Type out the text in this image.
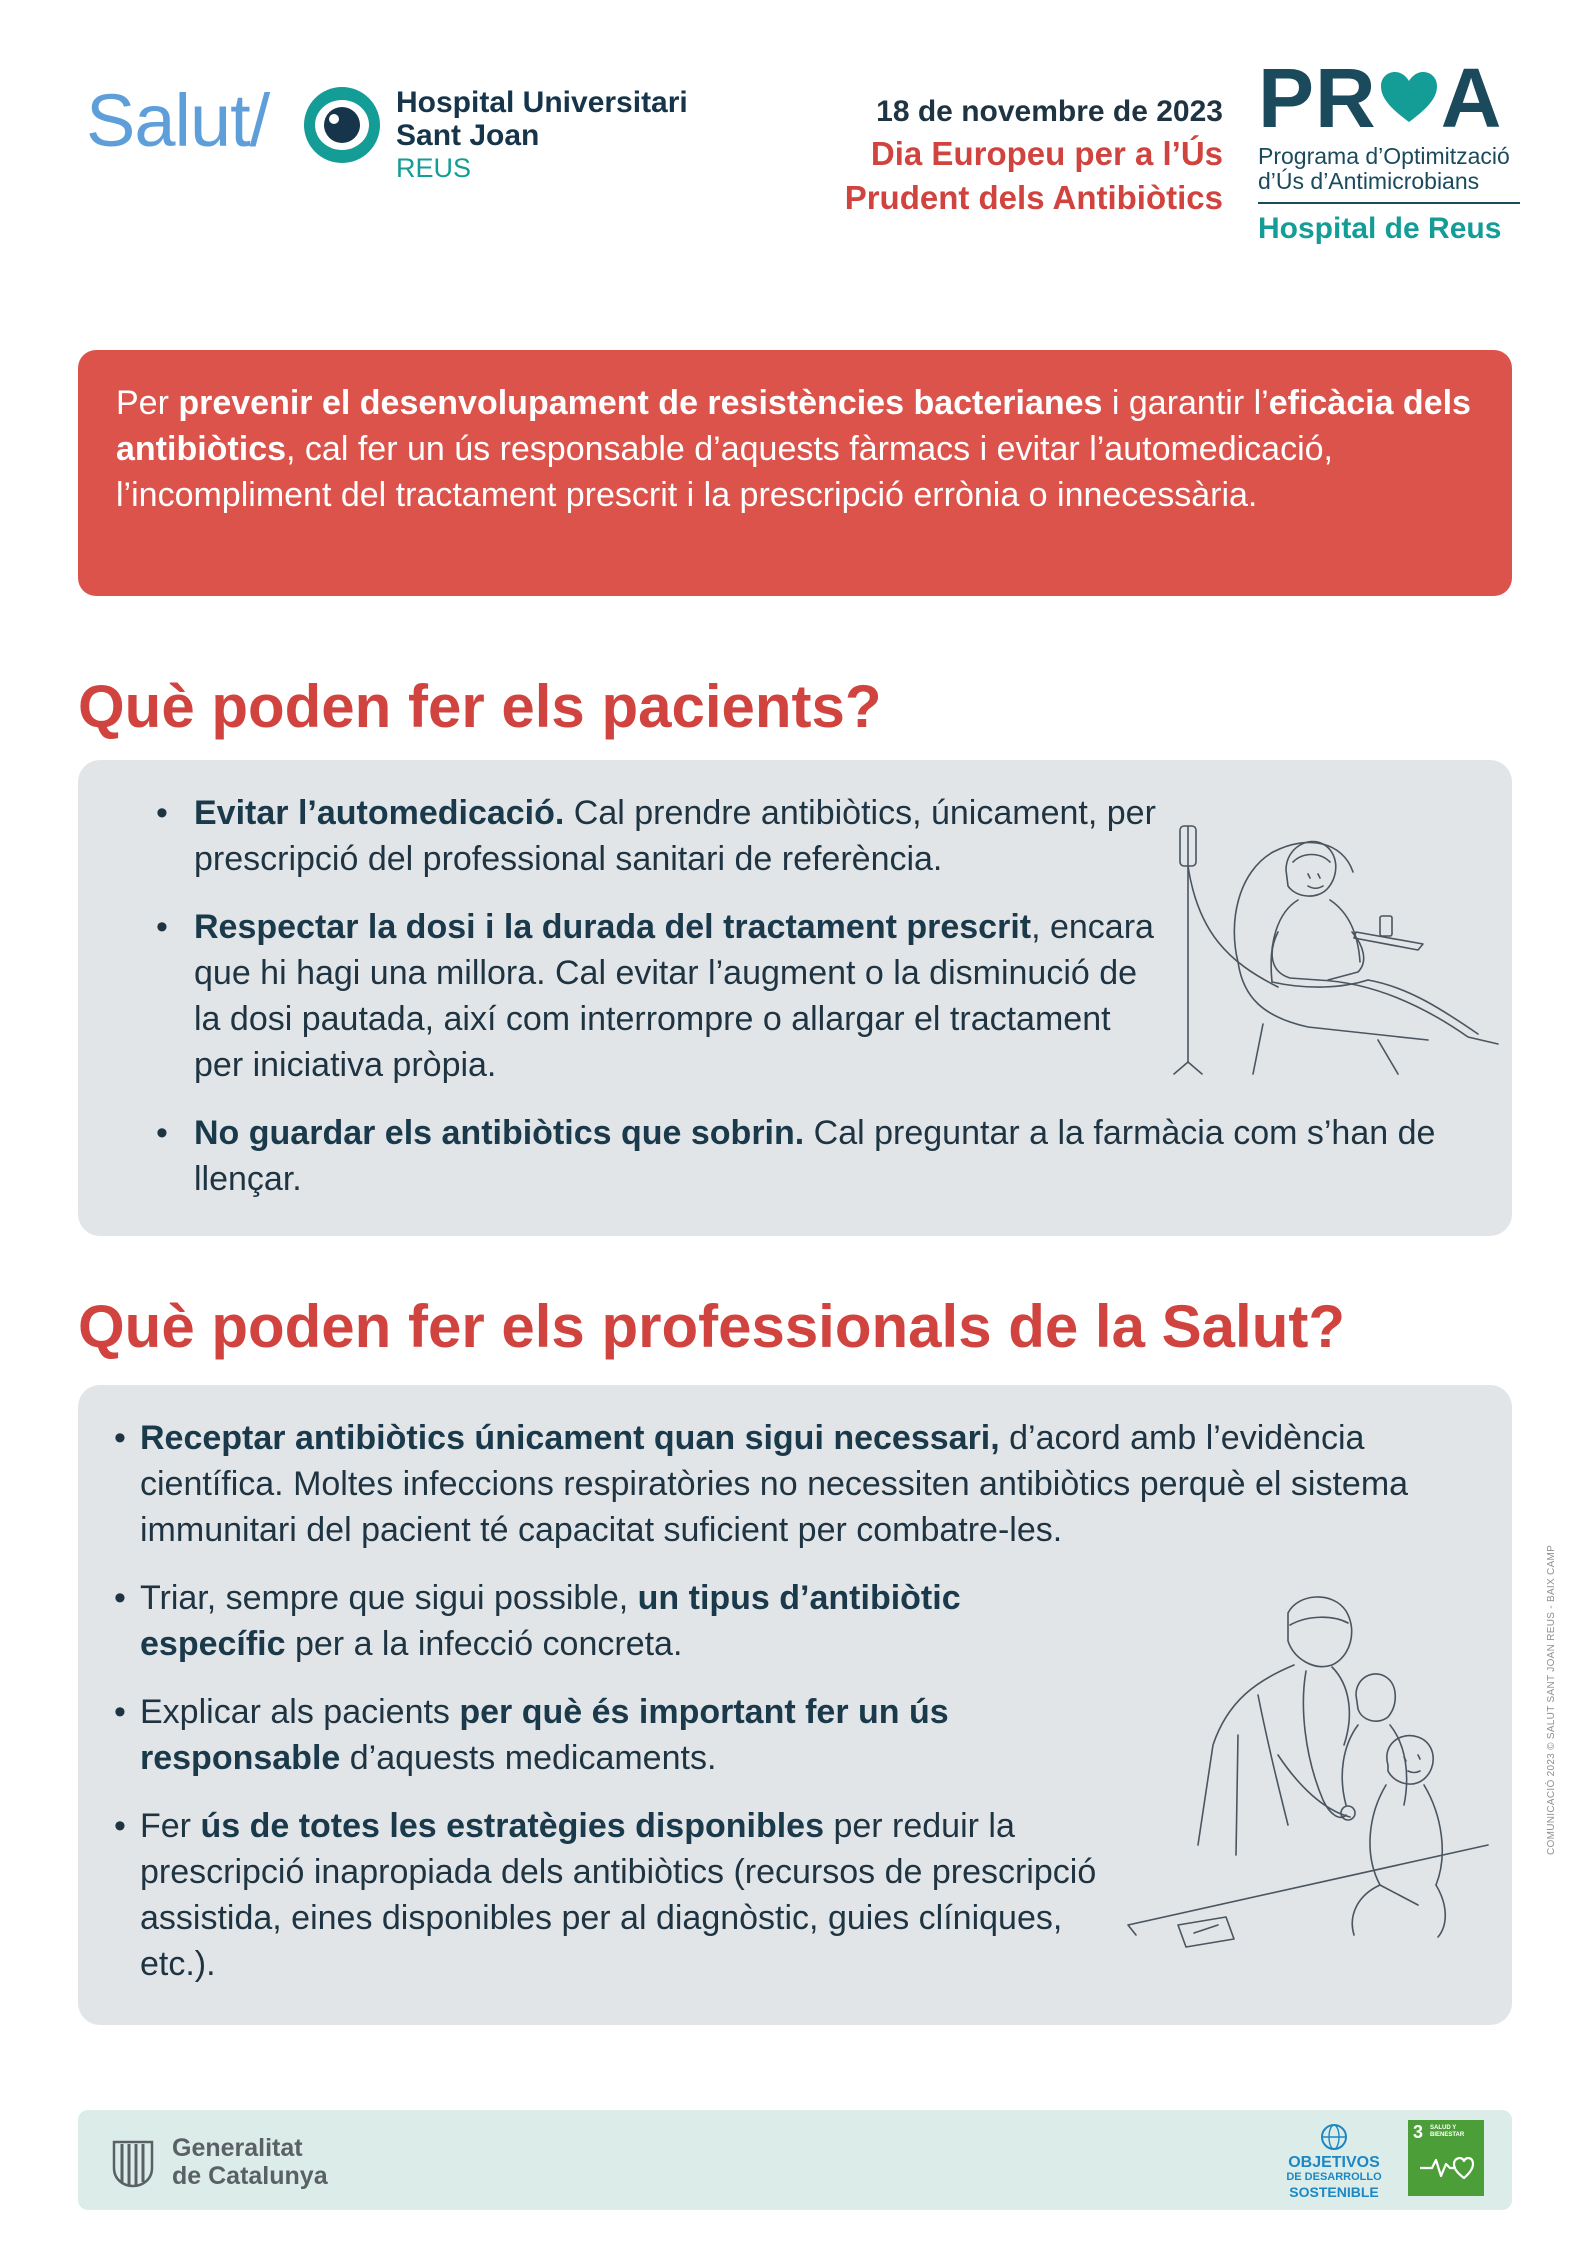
Salut/	Hospital Universitari
Sant Joan
REUS
18 de novembre de 2023
Dia Europeu per a l’Ús
Prudent dels Antibiòtics
PR A
Programa d’Optimització
d’Ús d’Antimicrobians
Hospital de Reus
Per prevenir el desenvolupament de resistències bacterianes i garantir l’eficàcia dels antibiòtics, cal fer un ús responsable d’aquests fàrmacs i evitar l’automedicació, l’incompliment del tractament prescrit i la prescripció errònia o innecessària.
Què poden fer els pacients?
• Evitar l’automedicació. Cal prendre antibiòtics, únicament, per prescripció del professional sanitari de referència.
• Respectar la dosi i la durada del tractament prescrit, encara que hi hagi una millora. Cal evitar l’augment o la disminució de la dosi pautada, així com interrompre o allargar el tractament per iniciativa pròpia.
• No guardar els antibiòtics que sobrin. Cal preguntar a la farmàcia com s’han de llençar.
Què poden fer els professionals de la Salut?
• Receptar antibiòtics únicament quan sigui necessari, d’acord amb l’evidència científica. Moltes infeccions respiratòries no necessiten antibiòtics perquè el sistema immunitari del pacient té capacitat suficient per combatre-les.
• Triar, sempre que sigui possible, un tipus d’antibiòtic específic per a la infecció concreta.
• Explicar als pacients per què és important fer un ús responsable d’aquests medicaments.
• Fer ús de totes les estratègies disponibles per reduir la prescripció inapropiada dels antibiòtics (recursos de prescripció assistida, eines disponibles per al diagnòstic, guies clíniques, etc.).
Generalitat
de Catalunya	OBJETIVOS
DE DESARROLLO
SOSTENIBLE
3 SALUD Y BIENESTAR
COMUNICACIÓ 2023 © SALUT SANT JOAN REUS - BAIX CAMP
